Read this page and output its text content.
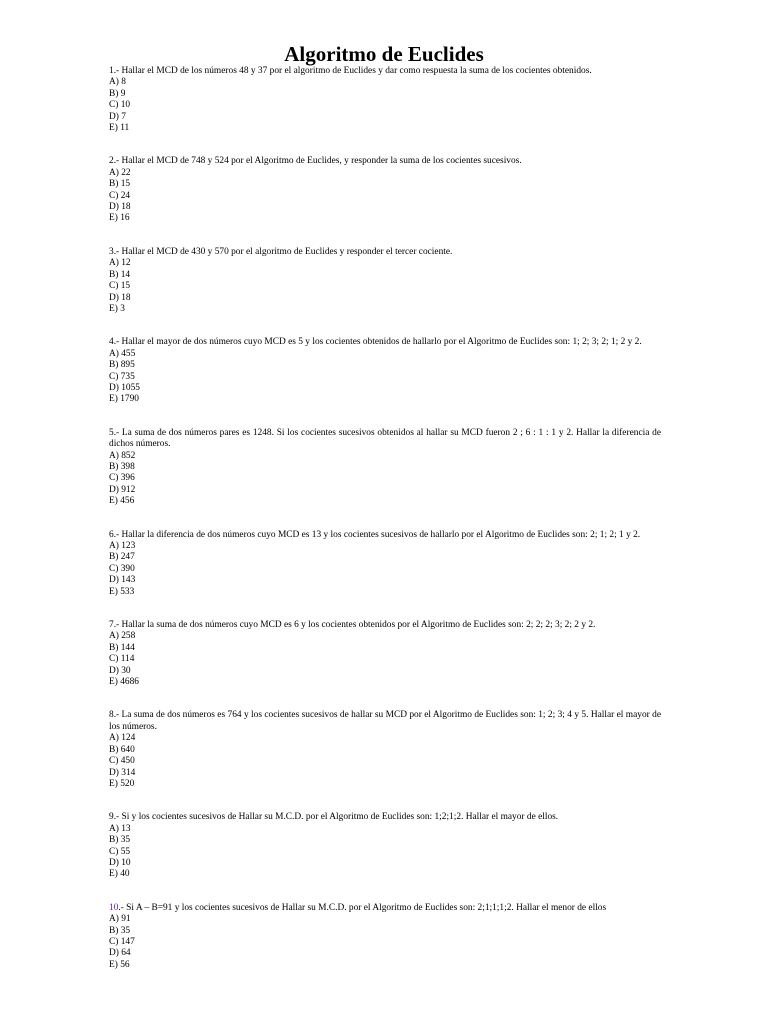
Algoritmo de Euclides
1.- Hallar el MCD de los números 48 y 37 por el algoritmo de Euclides y dar como respuesta la suma de los cocientes obtenidos.
A) 8
B) 9
C) 10
D) 7
E) 11
2.- Hallar el MCD de 748 y 524 por el Algoritmo de Euclides, y responder la suma de los cocientes sucesivos.
A) 22
B) 15
C) 24
D) 18
E) 16
3.- Hallar el MCD de 430 y 570 por el algoritmo de Euclides y responder el tercer cociente.
A) 12
B) 14
C) 15
D) 18
E) 3
4.- Hallar el mayor de dos números cuyo MCD es 5 y los cocientes obtenidos de hallarlo por el Algoritmo de Euclides son: 1; 2; 3; 2; 1; 2 y 2.
A) 455
B) 895
C) 735
D) 1055
E) 1790
5.- La suma de dos números pares es 1248. Si los cocientes sucesivos obtenidos al hallar su MCD fueron 2 ; 6 : 1 : 1 y 2. Hallar la diferencia de dichos números.
A) 852
B) 398
C) 396
D) 912
E) 456
6.- Hallar la diferencia de dos números cuyo MCD es 13 y los cocientes sucesivos de hallarlo por el Algoritmo de Euclides son: 2; 1; 2; 1 y 2.
A) 123
B) 247
C) 390
D) 143
E) 533
7.- Hallar la suma de dos números cuyo MCD es 6 y los cocientes obtenidos por el Algoritmo de Euclides son: 2; 2; 2; 3; 2; 2 y 2.
A) 258
B) 144
C) 114
D) 30
E) 4686
8.- La suma de dos números es 764 y los cocientes sucesivos de hallar su MCD por el Algoritmo de Euclides son: 1; 2; 3; 4 y 5. Hallar el mayor de los números.
A) 124
B) 640
C) 450
D) 314
E) 520
9.- Si y los cocientes sucesivos de Hallar su M.C.D. por el Algoritmo de Euclides son: 1;2;1;2. Hallar el mayor de ellos.
A) 13
B) 35
C) 55
D) 10
E) 40
10.- Si A – B=91 y los cocientes sucesivos de Hallar su M.C.D. por el Algoritmo de Euclides son: 2;1;1;1;2. Hallar el menor de ellos
A) 91
B) 35
C) 147
D) 64
E) 56
